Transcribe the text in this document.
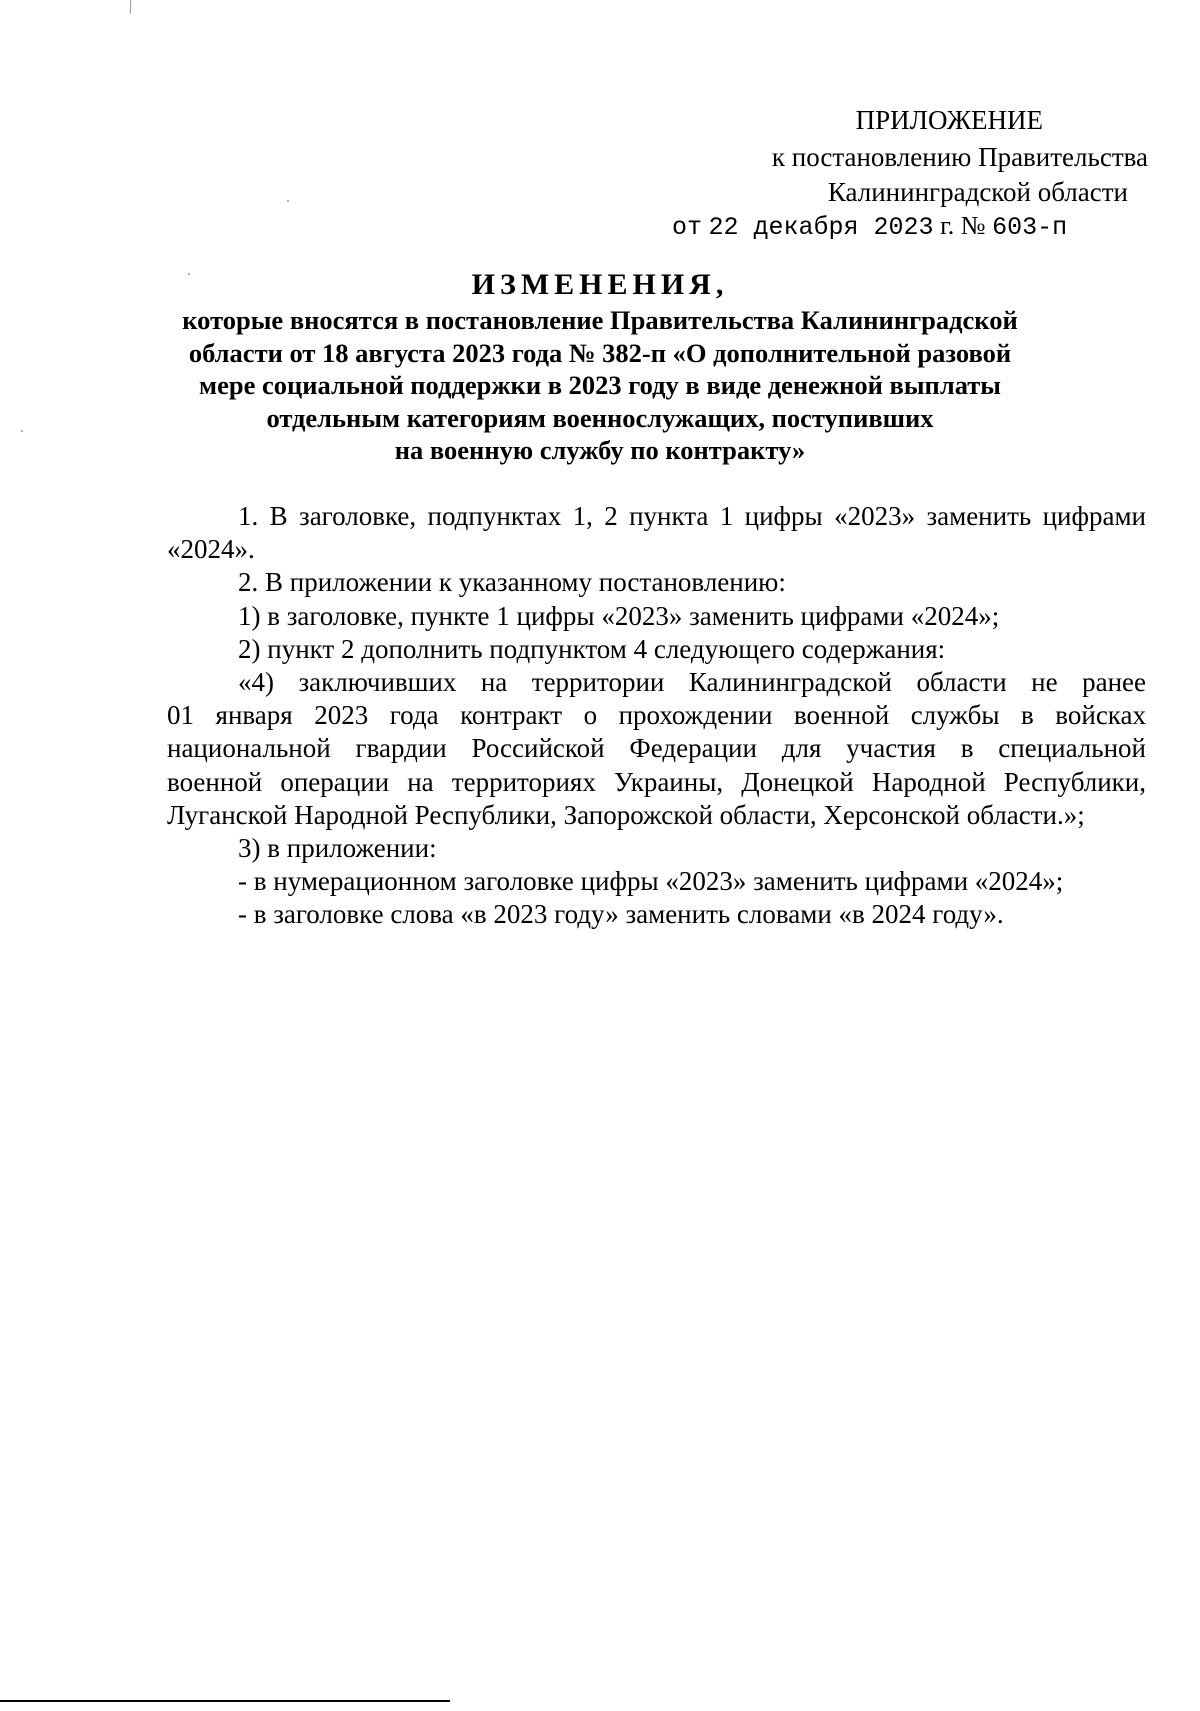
ПРИЛОЖЕНИЕ
к постановлению Правительства
Калининградской области
от 22 декабря 2023 г. № 603-п
ИЗМЕНЕНИЯ,
которые вносятся в постановление Правительства Калининградской
области от 18 августа 2023 года № 382-п «О дополнительной разовой
мере социальной поддержки в 2023 году в виде денежной выплаты
отдельным категориям военнослужащих, поступивших
на военную службу по контракту»
1. В заголовке, подпунктах 1, 2 пункта 1 цифры «2023» заменить цифрами
«2024».
2. В приложении к указанному постановлению:
1) в заголовке, пункте 1 цифры «2023» заменить цифрами «2024»;
2) пункт 2 дополнить подпунктом 4 следующего содержания:
«4) заключивших на территории Калининградской области не ранее
01 января 2023 года контракт о прохождении военной службы в войсках
национальной гвардии Российской Федерации для участия в специальной
военной операции на территориях Украины, Донецкой Народной Республики,
Луганской Народной Республики, Запорожской области, Херсонской области.»;
3) в приложении:
- в нумерационном заголовке цифры «2023» заменить цифрами «2024»;
- в заголовке слова «в 2023 году» заменить словами «в 2024 году».
